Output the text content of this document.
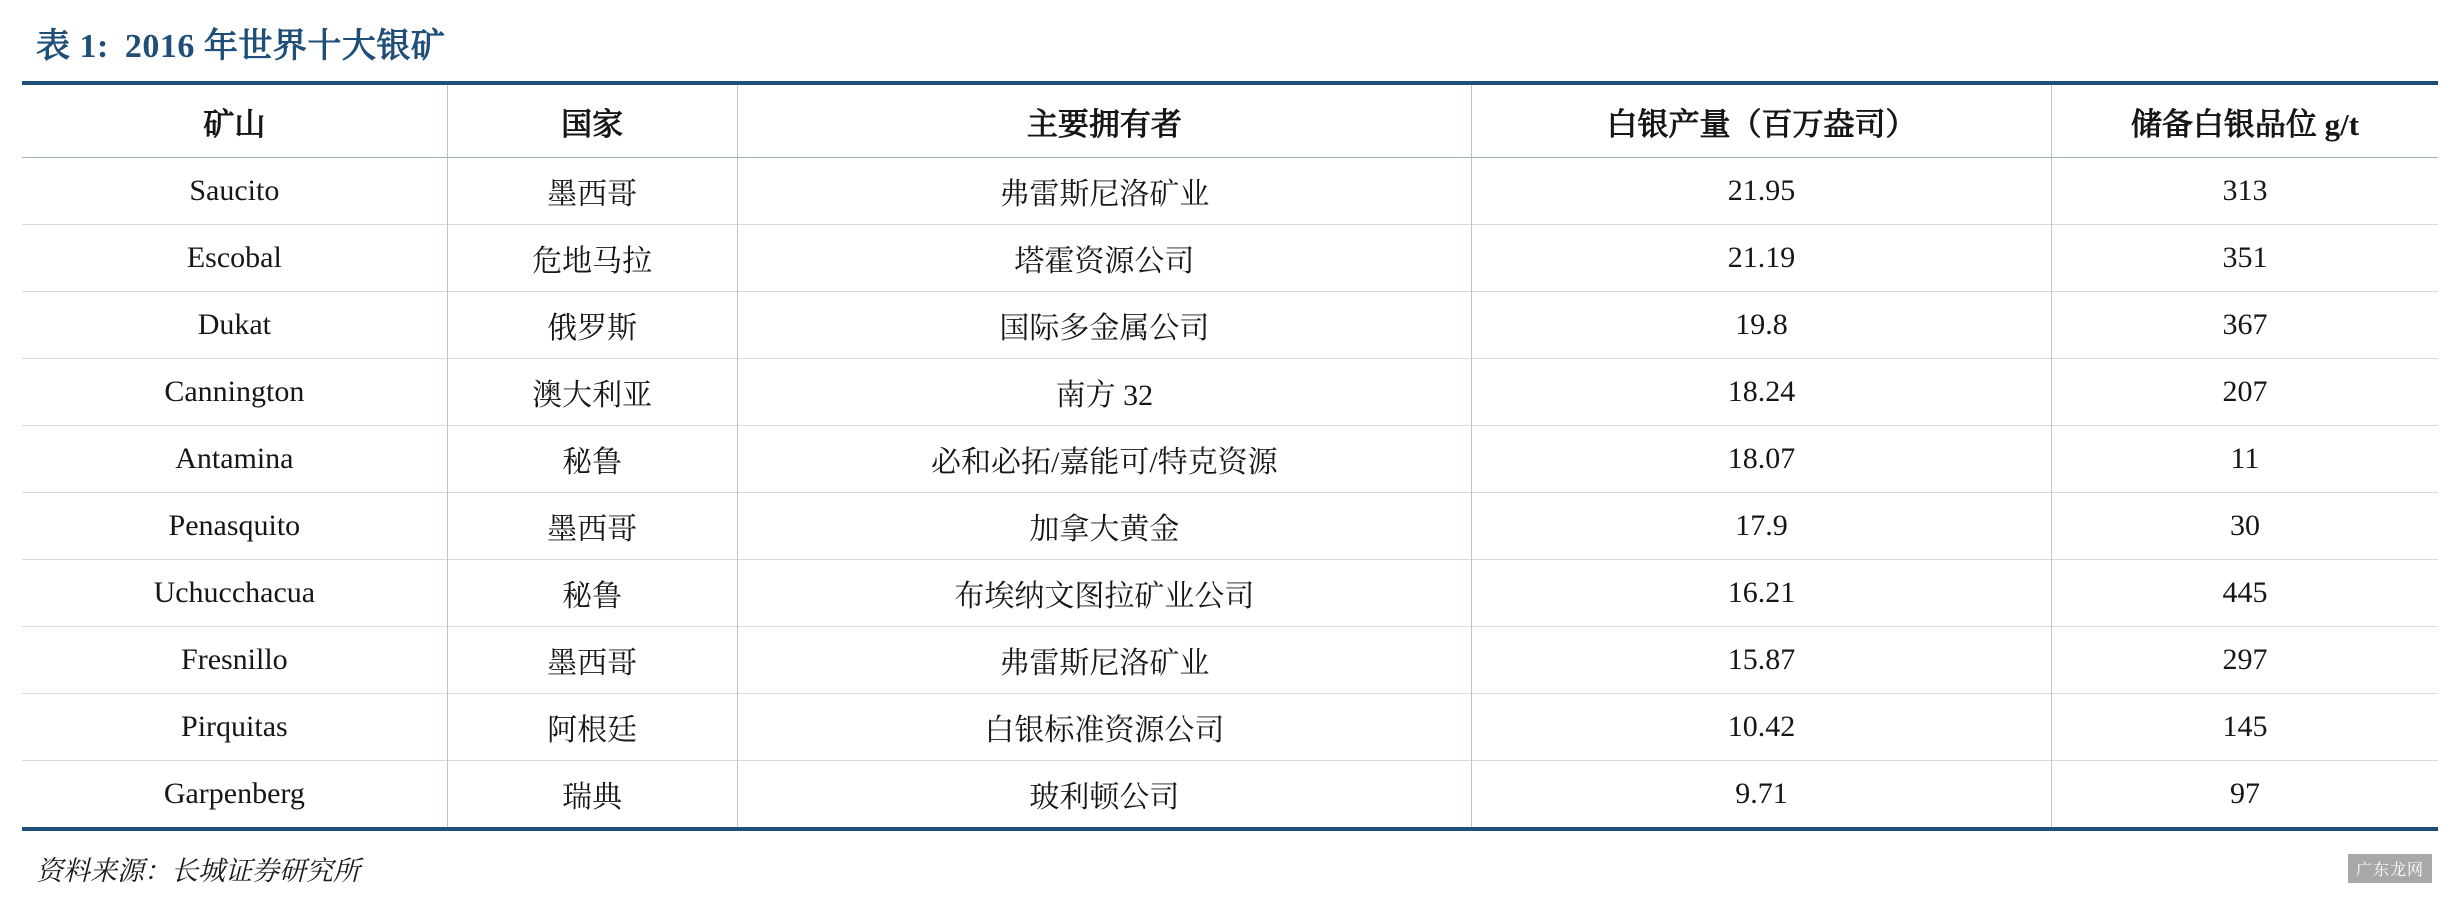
表 1: 2016 年世界十大银矿
矿山	国家	主要拥有者	白银产量（百万盎司）	储备白银品位 g/t
Saucito	墨西哥	弗雷斯尼洛矿业	21.95	313
Escobal	危地马拉	塔霍资源公司	21.19	351
Dukat	俄罗斯	国际多金属公司	19.8	367
Cannington	澳大利亚	南方 32	18.24	207
Antamina	秘鲁	必和必拓/嘉能可/特克资源	18.07	11
Penasquito	墨西哥	加拿大黄金	17.9	30
Uchucchacua	秘鲁	布埃纳文图拉矿业公司	16.21	445
Fresnillo	墨西哥	弗雷斯尼洛矿业	15.87	297
Pirquitas	阿根廷	白银标准资源公司	10.42	145
Garpenberg	瑞典	玻利顿公司	9.71	97
资料来源：长城证券研究所	广东龙网
